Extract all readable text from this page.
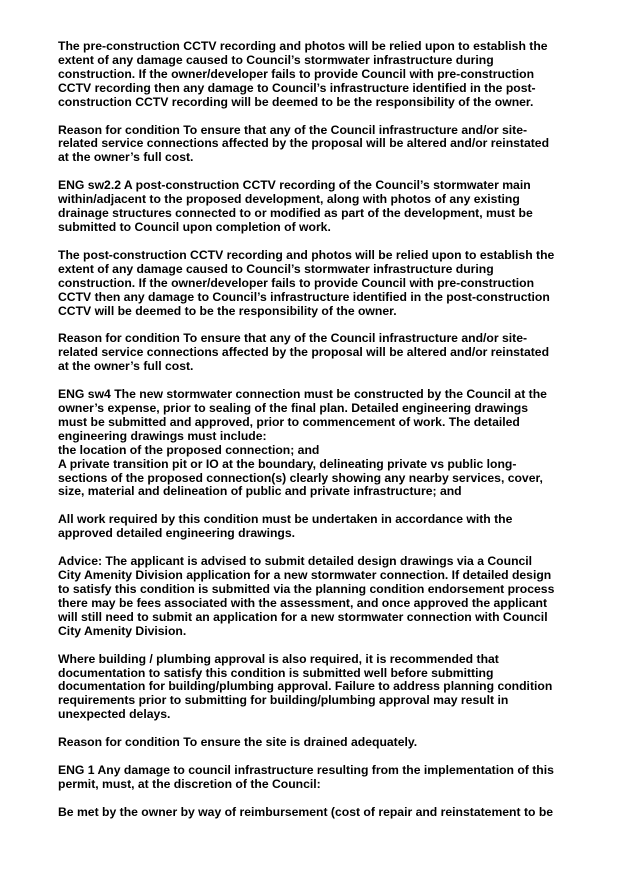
The pre-construction CCTV recording and photos will be relied upon to establish the
extent of any damage caused to Council’s stormwater infrastructure during
construction. If the owner/developer fails to provide Council with pre-construction
CCTV recording then any damage to Council’s infrastructure identified in the post-
construction CCTV recording will be deemed to be the responsibility of the owner.
Reason for condition To ensure that any of the Council infrastructure and/or site-
related service connections affected by the proposal will be altered and/or reinstated
at the owner’s full cost.
ENG sw2.2 A post-construction CCTV recording of the Council’s stormwater main
within/adjacent to the proposed development, along with photos of any existing
drainage structures connected to or modified as part of the development, must be
submitted to Council upon completion of work.
The post-construction CCTV recording and photos will be relied upon to establish the
extent of any damage caused to Council’s stormwater infrastructure during
construction. If the owner/developer fails to provide Council with pre-construction
CCTV then any damage to Council’s infrastructure identified in the post-construction
CCTV will be deemed to be the responsibility of the owner.
Reason for condition To ensure that any of the Council infrastructure and/or site-
related service connections affected by the proposal will be altered and/or reinstated
at the owner’s full cost.
ENG sw4 The new stormwater connection must be constructed by the Council at the
owner’s expense, prior to sealing of the final plan. Detailed engineering drawings
must be submitted and approved, prior to commencement of work. The detailed
engineering drawings must include:
the location of the proposed connection; and
A private transition pit or IO at the boundary, delineating private vs public long-
sections of the proposed connection(s) clearly showing any nearby services, cover,
size, material and delineation of public and private infrastructure; and
All work required by this condition must be undertaken in accordance with the
approved detailed engineering drawings.
Advice: The applicant is advised to submit detailed design drawings via a Council
City Amenity Division application for a new stormwater connection. If detailed design
to satisfy this condition is submitted via the planning condition endorsement process
there may be fees associated with the assessment, and once approved the applicant
will still need to submit an application for a new stormwater connection with Council
City Amenity Division.
Where building / plumbing approval is also required, it is recommended that
documentation to satisfy this condition is submitted well before submitting
documentation for building/plumbing approval. Failure to address planning condition
requirements prior to submitting for building/plumbing approval may result in
unexpected delays.
Reason for condition To ensure the site is drained adequately.
ENG 1 Any damage to council infrastructure resulting from the implementation of this
permit, must, at the discretion of the Council:
Be met by the owner by way of reimbursement (cost of repair and reinstatement to be
